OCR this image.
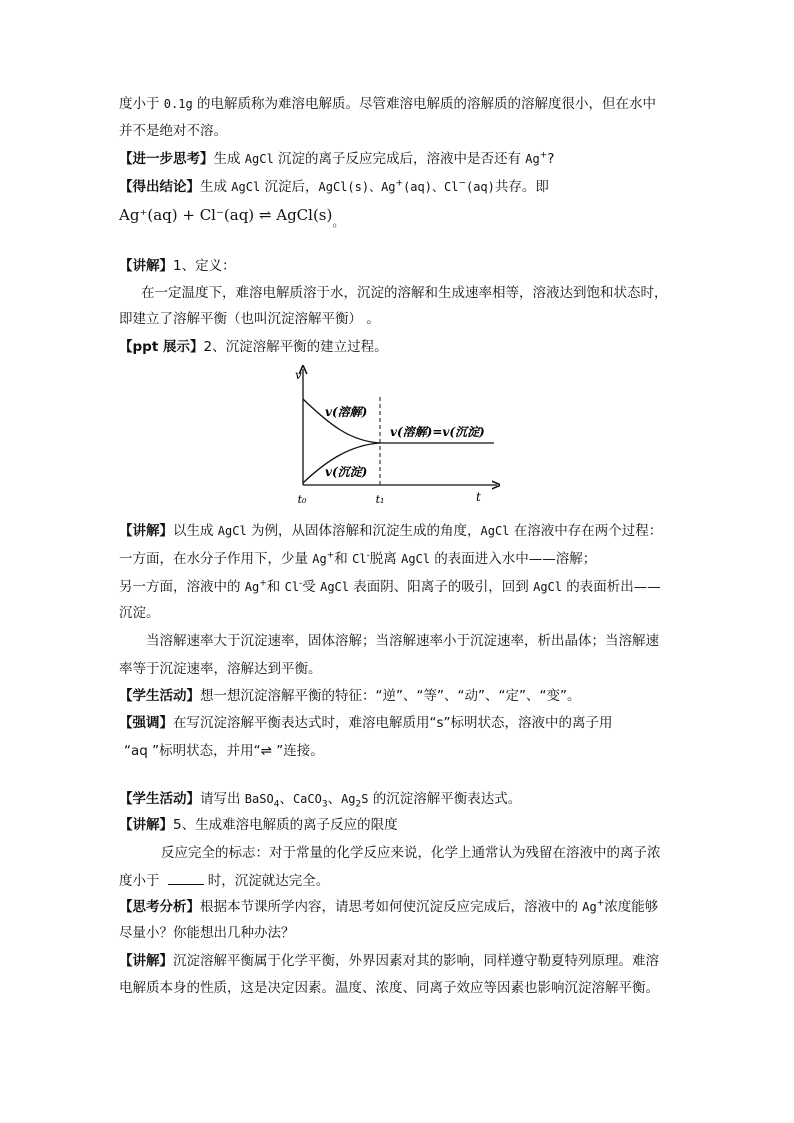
度小于 0.1g 的电解质称为难溶电解质。尽管难溶电解质的溶解质的溶解度很小，但在水中
并不是绝对不溶。
【进一步思考】生成 AgCl 沉淀的离子反应完成后，溶液中是否还有 Ag+?
【得出结论】生成 AgCl 沉淀后，AgCl(s)、Ag+(aq)、Cl−(aq)共存。即
Ag⁺(aq) + Cl⁻(aq) ⇌ AgCl(s)。
【讲解】1、定义：
在一定温度下，难溶电解质溶于水，沉淀的溶解和生成速率相等，溶液达到饱和状态时，
即建立了溶解平衡（也叫沉淀溶解平衡） 。
【ppt 展示】2、沉淀溶解平衡的建立过程。
v
t
t₀	t₁
v(溶解)
v(沉淀)
v(溶解)=v(沉淀)
【讲解】以生成 AgCl 为例，从固体溶解和沉淀生成的角度，AgCl 在溶液中存在两个过程：
一方面，在水分子作用下，少量 Ag+和 Cl-脱离 AgCl 的表面进入水中——溶解；
另一方面，溶液中的 Ag+和 Cl-受 AgCl 表面阴、阳离子的吸引，回到 AgCl 的表面析出——
沉淀。
当溶解速率大于沉淀速率，固体溶解；当溶解速率小于沉淀速率，析出晶体；当溶解速
率等于沉淀速率，溶解达到平衡。
【学生活动】想一想沉淀溶解平衡的特征：“逆”、“等”、“动”、“定”、“变”。
【强调】在写沉淀溶解平衡表达式时，难溶电解质用“s”标明状态，溶液中的离子用
“aq ”标明状态，并用“⇌ ”连接。
【学生活动】请写出 BaSO$_4$、CaCO$_3$、$Ag_2S$ 的沉淀溶解平衡表达式。
【讲解】5、生成难溶电解质的离子反应的限度
反应完全的标志：对于常量的化学反应来说，化学上通常认为残留在溶液中的离子浓
度小于	时，沉淀就达完全。
【思考分析】根据本节课所学内容，请思考如何使沉淀反应完成后，溶液中的 Ag+浓度能够
尽量小？你能想出几种办法？
【讲解】沉淀溶解平衡属于化学平衡，外界因素对其的影响，同样遵守勒夏特列原理。难溶
电解质本身的性质，这是决定因素。温度、浓度、同离子效应等因素也影响沉淀溶解平衡。
